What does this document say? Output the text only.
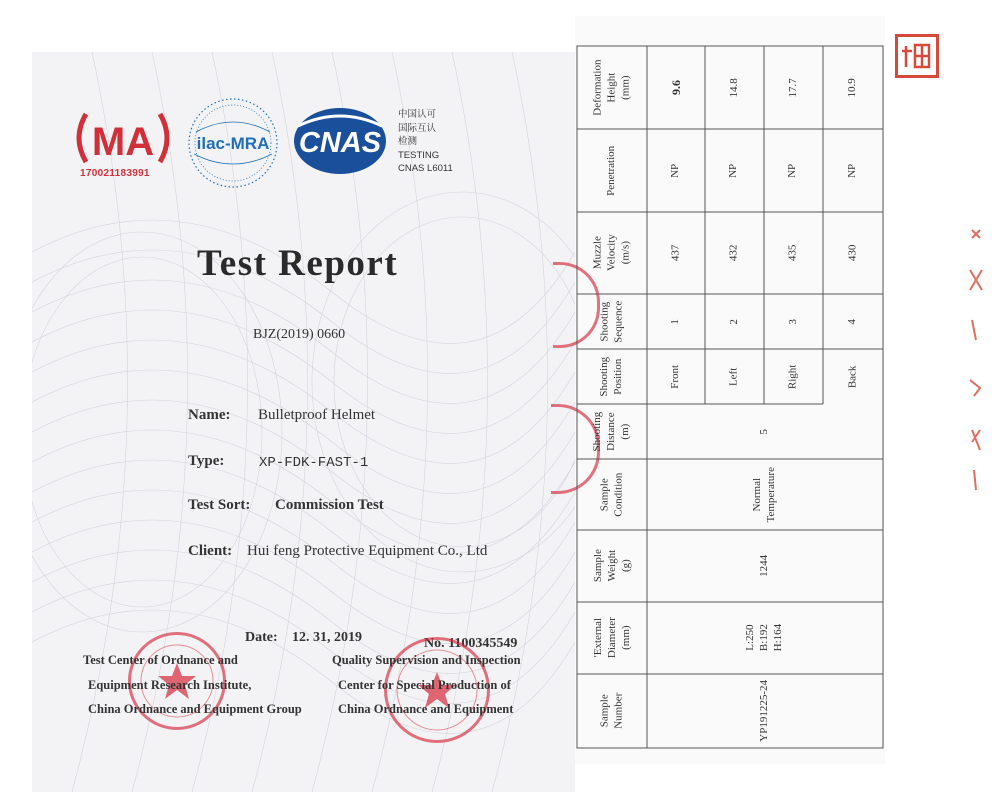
MA
170021183991
ilac-MRA CNAS
中国认可
国际互认
检测
TESTING
CNAS L6011
Test Report
BJZ(2019) 0660
Name: Bulletproof Helmet
Type: XP-FDK-FAST-1
Test Sort: Commission Test
Client: Hui feng Protective Equipment Co., Ltd
Date: 12. 31, 2019	No. 1100345549
Test Center of Ordnance and
Equipment Research Institute,
China Ordnance and Equipment Group
Quality Supervision and Inspection
Center for Special Production of
China Ordnance and Equipment
Deformation Height (mm)
Penetration
Muzzle Velocity (m/s)
Shooting Sequence
Shooting Position
Shooting Distance (m)
Sample Condition
Sample Weight (g)
'External Diameter (mm)
Sample Number
9.6
NP
437
1
Front
14.8
NP
432
2
Left
17.7
NP
435
3
Right
10.9
NP
430
4
Back
5
Normal Temperature
1244
L:250 B:192 H:164
YP191225-24
